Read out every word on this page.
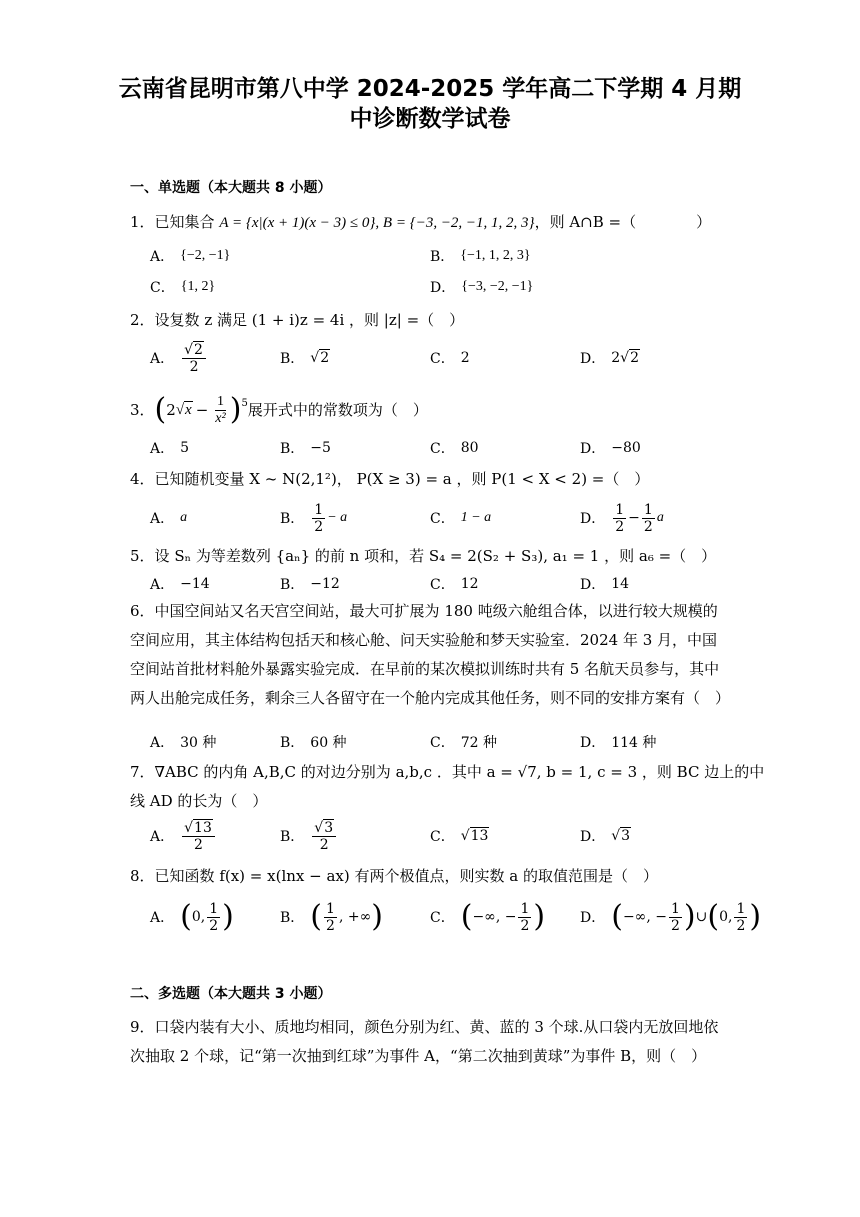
云南省昆明市第八中学 2024-2025 学年高二下学期 4 月期
中诊断数学试卷
一、单选题（本大题共 8 小题）
1．已知集合 A = {x|(x + 1)(x − 3) ≤ 0}, B = {−3, −2, −1, 1, 2, 3}，则 A∩B =（　　　　）
A． {−2, −1}	B． {−1, 1, 2, 3}
C． {1, 2}	D． {−3, −2, −1}
2．设复数 z 满足 (1 + i)z = 4i ，则 |z| =（　）
A． $\frac{√2}{2}$	B． √2	C． 2	D． 2 √2
3． ( 2 $√x - \frac{1}{\text{x²}} )^5$ 展开式中的常数项为（　）
A． 5	B． −5	C． 80	D． −80
4．已知随机变量 X ~ N(2,1²)， P(X ≥ 3) = a ，则 P(1 < X < 2) =（　）
A． a	B． $\frac{1}{2} - a$	C． 1 − a	D． $\frac{1}{2} - \frac{1}{2}$ a
5．设 Sₙ 为等差数列 {aₙ} 的前 n 项和，若 S₄ = 2(S₂ + S₃), a₁ = 1 ，则 a₆ =（　）
A． −14	B． −12	C． 12	D． 14
6．中国空间站又名天宫空间站，最大可扩展为 180 吨级六舱组合体，以进行较大规模的空间应用，其主体结构包括天和核心舱、问天实验舱和梦天实验室．2024 年 3 月，中国空间站首批材料舱外暴露实验完成．在早前的某次模拟训练时共有 5 名航天员参与，其中两人出舱完成任务，剩余三人各留守在一个舱内完成其他任务，则不同的安排方案有（　）
A． 30 种	B． 60 种	C． 72 种	D． 114 种
7．∇ABC 的内角 A,B,C 的对边分别为 a,b,c ．其中 a = √7, b = 1, c = 3 ，则 BC 边上的中
线 AD 的长为（　）
A． $\frac{√13}{2}$	B． $\frac{√3}{2}$	C． √13	D． √3
8．已知函数 f(x) = x(lnx − ax) 有两个极值点，则实数 a 的取值范围是（　）
A． ( 0, $\frac{1}{2}$ )	B． ( $\frac{1}{2}$ , +∞ )	C． ( −∞, − $\frac{1}{2}$ ) D． ( −∞, − $\frac{1}{2}$ ) ∪ ( 0, $\frac{1}{2}$ )
二、多选题（本大题共 3 小题）
9．口袋内装有大小、质地均相同，颜色分别为红、黄、蓝的 3 个球.从口袋内无放回地依次抽取 2 个球，记“第一次抽到红球”为事件 A，“第二次抽到黄球”为事件 B，则（　）
